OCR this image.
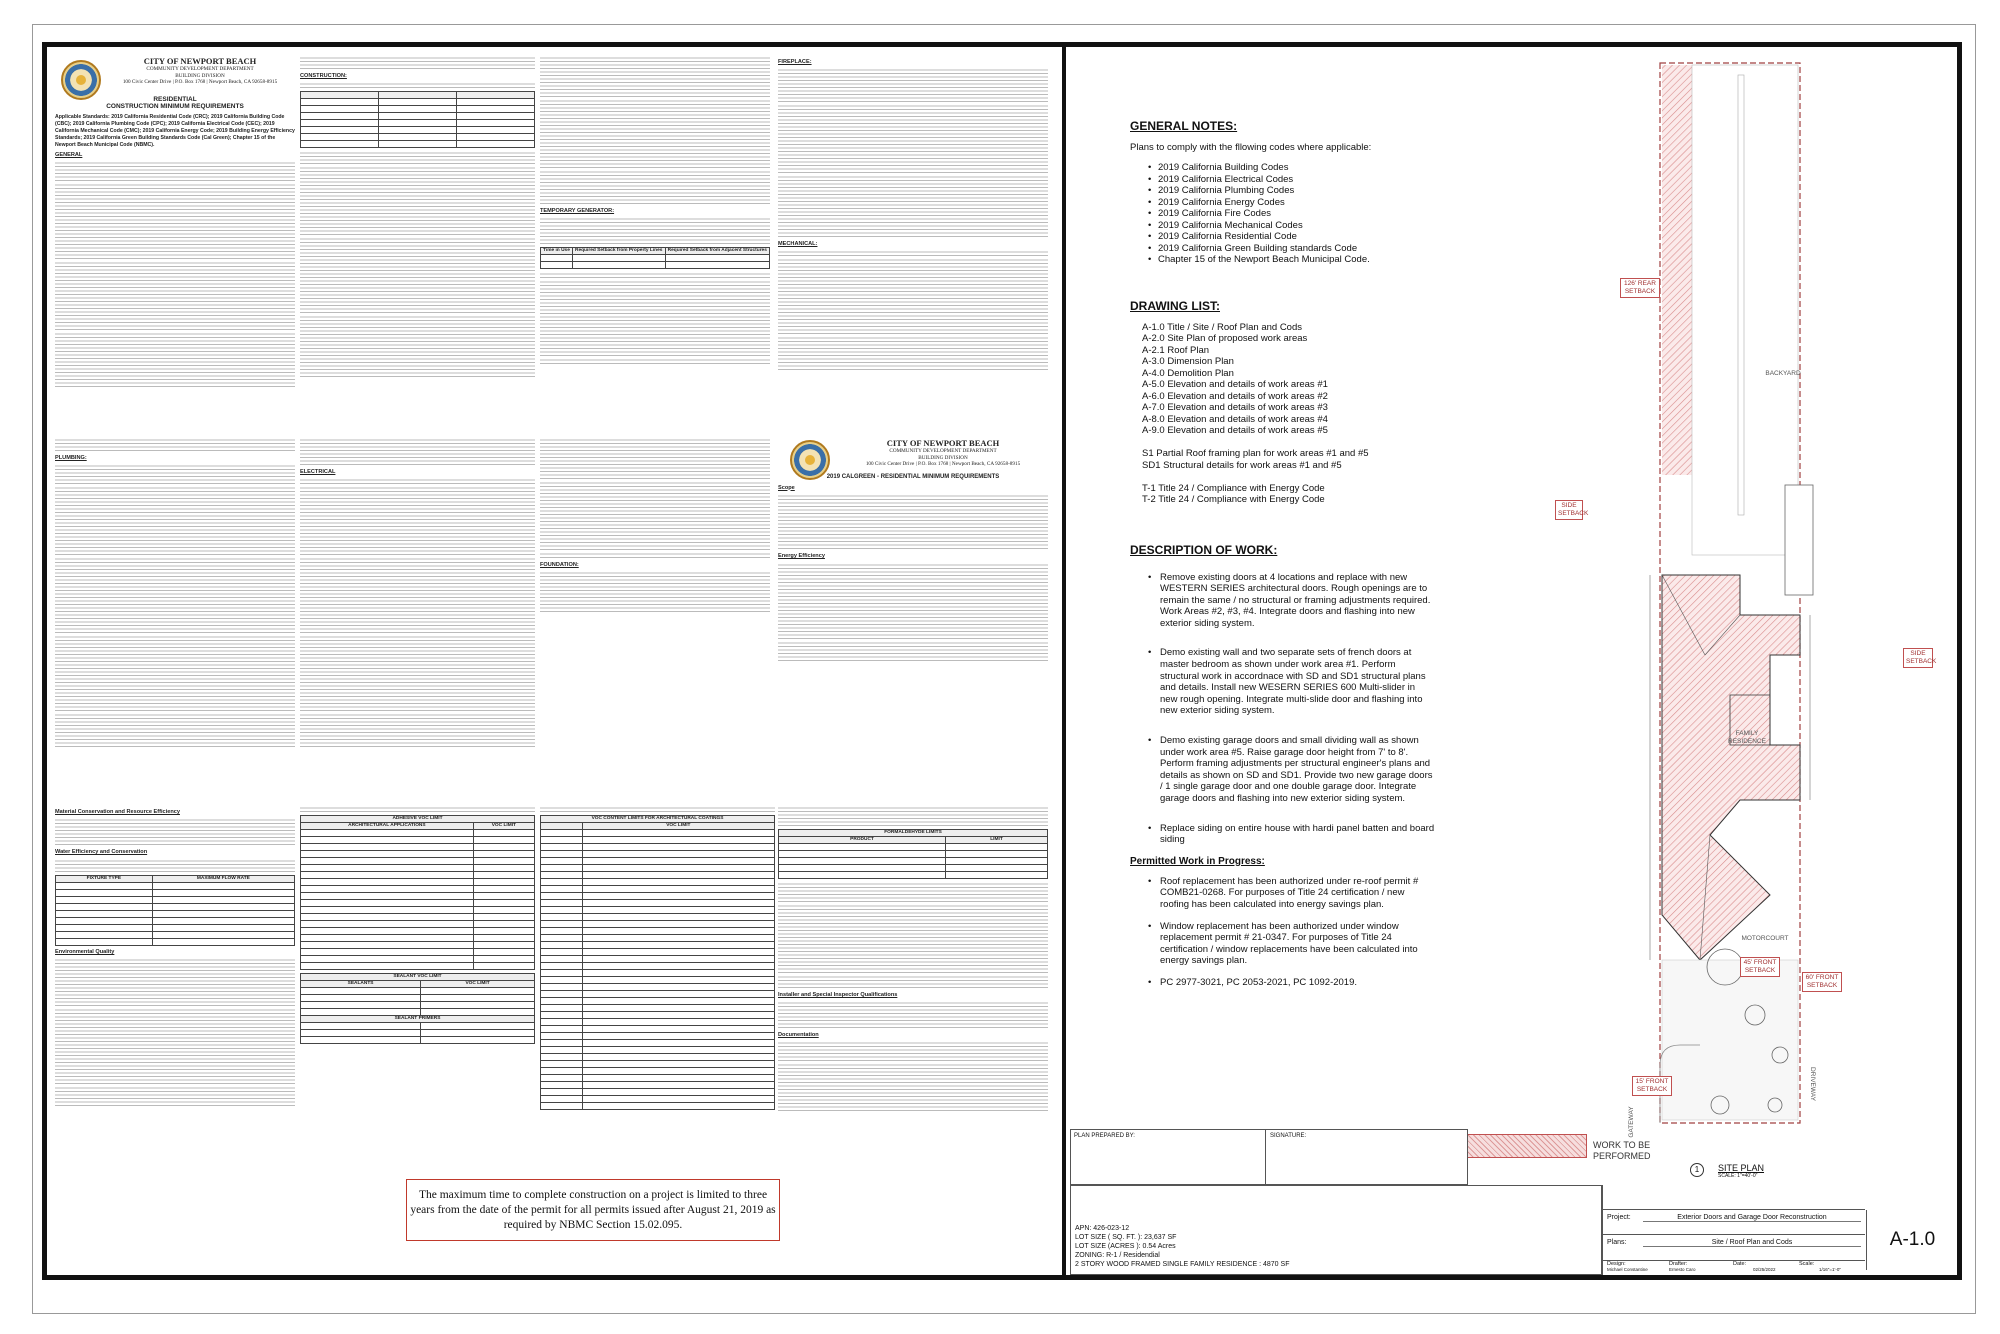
CITY OF NEWPORT BEACH
COMMUNITY DEVELOPMENT DEPARTMENT
BUILDING DIVISION
100 Civic Center Drive | P.O. Box 1768 | Newport Beach, CA 92658-8915
RESIDENTIAL
CONSTRUCTION MINIMUM REQUIREMENTS

Applicable Standards: 2019 California Residential Code (CRC); 2019 California Building Code (CBC); 2019 California Plumbing Code (CPC); 2019 California Electrical Code (CEC); 2019 California Mechanical Code (CMC); 2019 California Energy Code; 2019 Building Energy Efficiency Standards; 2019 California Green Building Standards Code (Cal Green); Chapter 15 of the Newport Beach Municipal Code (NBMC).

GENERAL
PLUMBING:
Material Conservation and Resource Efficiency
Water Efficiency and Conservation
FIXTURE TYPE	MAXIMUM FLOW RATE

Environmental Quality
CONSTRUCTION:

ELECTRICAL
ADHESIVE VOC LIMIT	
ARCHITECTURAL APPLICATIONS	VOC LIMIT

SEALANT VOC LIMIT	
SEALANTS	VOC LIMIT

SEALANT PRIMERS	

TEMPORARY GENERATOR:
Time in Use	Required Setback from Property Lines	Required Setback from Adjacent Structures

FOUNDATION:
VOC CONTENT LIMITS FOR ARCHITECTURAL COATINGS	
	VOC LIMIT

FIREPLACE:
MECHANICAL:
CITY OF NEWPORT BEACH
COMMUNITY DEVELOPMENT DEPARTMENT
BUILDING DIVISION
100 Civic Center Drive | P.O. Box 1768 | Newport Beach, CA 92658-8915
2019 CALGREEN - RESIDENTIAL MINIMUM REQUIREMENTS
Scope
Energy Efficiency
FORMALDEHYDE LIMITS	
PRODUCT	LIMIT

Installer and Special Inspector Qualifications
Documentation
The maximum time to complete construction on a project is limited to three years from the date of the permit for all permits issued after August 21, 2019 as required by NBMC Section 15.02.095.
GENERAL NOTES:
Plans to comply with the fllowing codes where applicable:
• 2019 California Building Codes
• 2019 California Electrical Codes
• 2019 California Plumbing Codes
• 2019 California Energy Codes
• 2019 California Fire Codes
• 2019 California Mechanical Codes
• 2019 California Residential Code
• 2019 California Green Building standards Code
• Chapter 15 of the Newport Beach Municipal Code.
DRAWING LIST:
A-1.0 Title / Site / Roof Plan and Cods
A-2.0 Site Plan of proposed work areas
A-2.1 Roof Plan
A-3.0 Dimension Plan
A-4.0 Demolition Plan
A-5.0 Elevation and details of work areas #1
A-6.0 Elevation and details of work areas #2
A-7.0 Elevation and details of work areas #3
A-8.0 Elevation and details of work areas #4
A-9.0 Elevation and details of work areas #5
S1 Partial Roof framing plan for work areas #1 and #5
SD1 Structural details for work areas #1 and #5
T-1 Title 24 / Compliance with Energy Code
T-2 Title 24 / Compliance with Energy Code
DESCRIPTION OF WORK:
• Remove existing doors at 4 locations and replace with new WESTERN SERIES architectural doors. Rough openings are to remain the same / no structural or framing adjustments required. Work Areas #2, #3, #4. Integrate doors and flashing into new exterior siding system.
• Demo existing wall and two separate sets of french doors at master bedroom as shown under work area #1. Perform structural work in accordnace with SD and SD1 structural plans and details. Install new WESERN SERIES 600 Multi-slider in new rough opening. Integrate multi-slide door and flashing into new exterior siding system.
• Demo existing garage doors and small dividing wall as shown under work area #5. Raise garage door height from 7' to 8'. Perform framing adjustments per structural engineer's plans and details as shown on SD and SD1. Provide two new garage doors / 1 single garage door and one double garage door. Integrate garage doors and flashing into new exterior siding system.
• Replace siding on entire house with hardi panel batten and board siding
Permitted Work in Progress:
• Roof replacement has been authorized under re-roof permit # COMB21-0268. For purposes of Title 24 certification / new roofing has been calculated into energy savings plan.
• Window replacement has been authorized under window replacement permit # 21-0347. For purposes of Title 24 certification / window replacements have been calculated into energy savings plan.
• PC 2977-3021, PC 2053-2021, PC 1092-2019.
126' REAR SETBACK
BACKYARD
SIDE SETBACK
SIDE SETBACK
FAMILY RESIDENCE
MOTORCOURT
45' FRONT SETBACK
60' FRONT SETBACK
15' FRONT SETBACK	DRIVEWAY
GATEWAY
WORK TO BE
PERFORMED
1	SITE PLAN
SCALE: 1"=40'-0"
PLAN PREPARED BY:	SIGNATURE:
APN: 426-023-12
LOT SIZE ( SQ. FT. ): 23,637 SF
LOT SIZE (ACRES ): 0.54 Acres
ZONING: R-1 / Residendial
2 STORY WOOD FRAMED SINGLE FAMILY RESIDENCE : 4870 SF
Project:	Exterior Doors and Garage Door Reconstruction
Plans:	Site / Roof Plan and Cods
Design:
Michael Constantine
Drafter:
Ernesto Caro
Date:
02/25/2022
Scale:
1/16"=1'-0"
A-1.0
